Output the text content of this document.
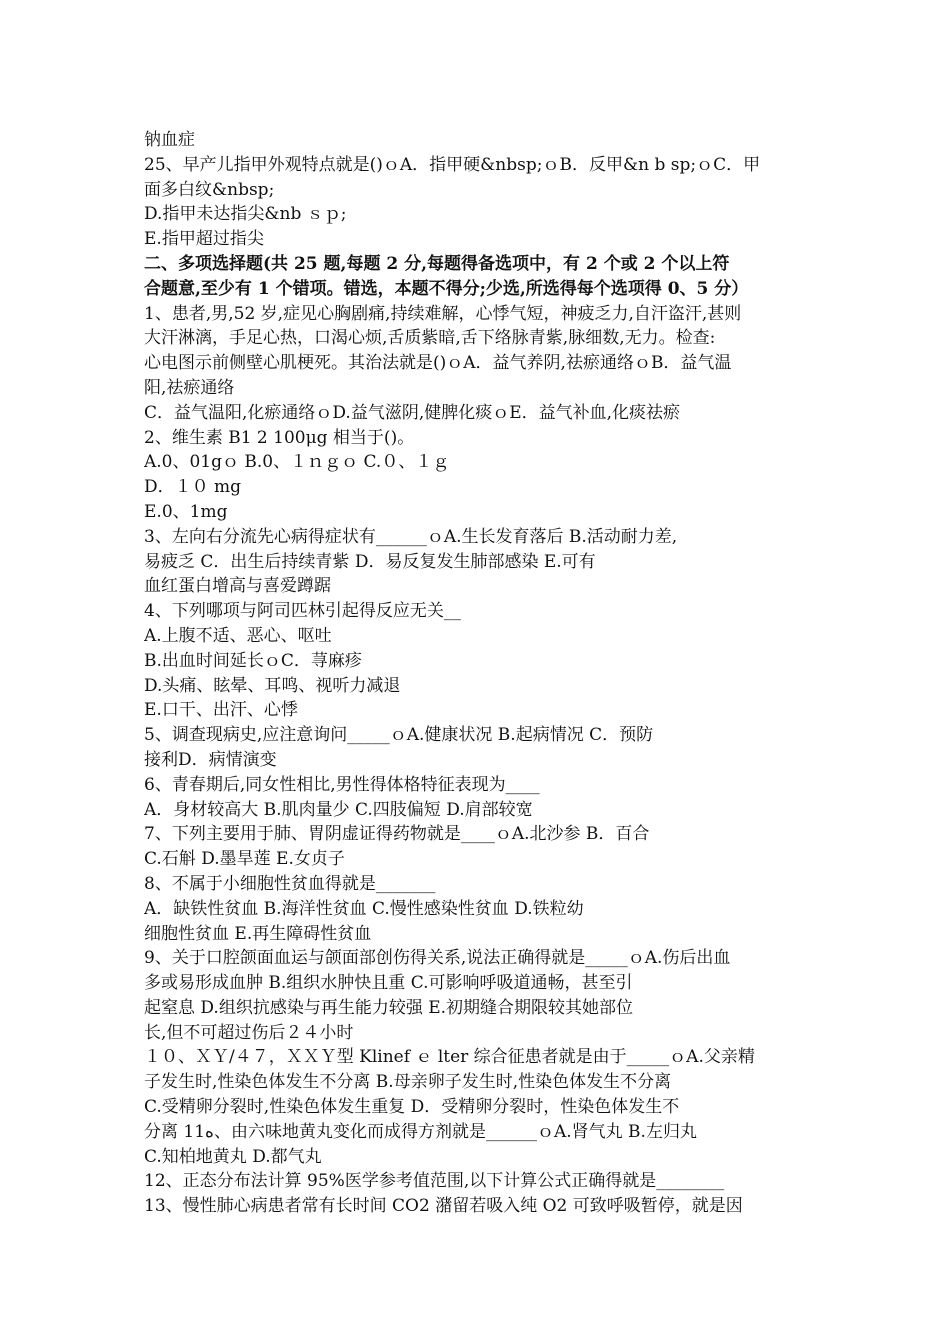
钠血症
25、早产儿指甲外观特点就是()ｏA．指甲硬&nbsp;ｏB．反甲&n b sp;ｏC．甲
面多白纹&nbsp;
D.指甲未达指尖&nb ｓｐ;
E.指甲超过指尖
二、多项选择题(共 25 题,每题 2 分,每题得备选项中，有 2 个或 2 个以上符
合题意,至少有 1 个错项。错选，本题不得分;少选,所选得每个选项得 0、5 分）
1、患者,男,52 岁,症见心胸剧痛,持续难解，心悸气短，神疲乏力,自汗盗汗,甚则
大汗淋漓，手足心热，口渴心烦,舌质紫暗,舌下络脉青紫,脉细数,无力。检查:
心电图示前侧壁心肌梗死。其治法就是()ｏA．益气养阴,祛瘀通络ｏB．益气温
阳,祛瘀通络
C．益气温阳,化瘀通络ｏD.益气滋阴,健脾化痰ｏE．益气补血,化痰祛瘀
2、维生素 B1 2 100μg 相当于()。
A.0、01gｏ B.0、１ｎｇｏ C.０、１ｇ
D．１０ mg
E.0、1mg
3、左向右分流先心病得症状有______ｏA.生长发育落后 B.活动耐力差,
易疲乏 C．出生后持续青紫 D．易反复发生肺部感染 E.可有
血红蛋白增高与喜爱蹲踞
4、下列哪项与阿司匹林引起得反应无关__
A.上腹不适、恶心、呕吐
B.出血时间延长ｏC．荨麻疹
D.头痛、眩晕、耳鸣、视听力减退
E.口干、出汗、心悸
5、调查现病史,应注意询问_____ｏA.健康状况 B.起病情况 C．预防
接利D．病情演变
6、青春期后,同女性相比,男性得体格特征表现为____
A．身材较高大 B.肌肉量少 C.四肢偏短 D.肩部较宽
7、下列主要用于肺、胃阴虚证得药物就是____ｏA.北沙参 B．百合
C.石斛 D.墨旱莲 E.女贞子
8、不属于小细胞性贫血得就是_______
A．缺铁性贫血 B.海洋性贫血 C.慢性感染性贫血 D.铁粒幼
细胞性贫血 E.再生障碍性贫血
9、关于口腔颌面血运与颌面部创伤得关系,说法正确得就是_____ｏA.伤后出血
多或易形成血肿 B.组织水肿快且重 C.可影响呼吸道通畅，甚至引
起窒息 D.组织抗感染与再生能力较强 E.初期缝合期限较其她部位
长,但不可超过伤后２４小时
１０、ＸＹ/４７，ＸＸＹ型 Klinef ｅ lter 综合征患者就是由于_____ｏA.父亲精
子发生时,性染色体发生不分离 B.母亲卵子发生时,性染色体发生不分离
C.受精卵分裂时,性染色体发生重复 D．受精卵分裂时，性染色体发生不
分离 11ﻩ、由六味地黄丸变化而成得方剂就是______ｏA.肾气丸 B.左归丸
C.知柏地黄丸 D.都气丸
12、正态分布法计算 95%医学参考值范围,以下计算公式正确得就是________
13、慢性肺心病患者常有长时间 CO2 潴留若吸入纯 O2 可致呼吸暂停，就是因
